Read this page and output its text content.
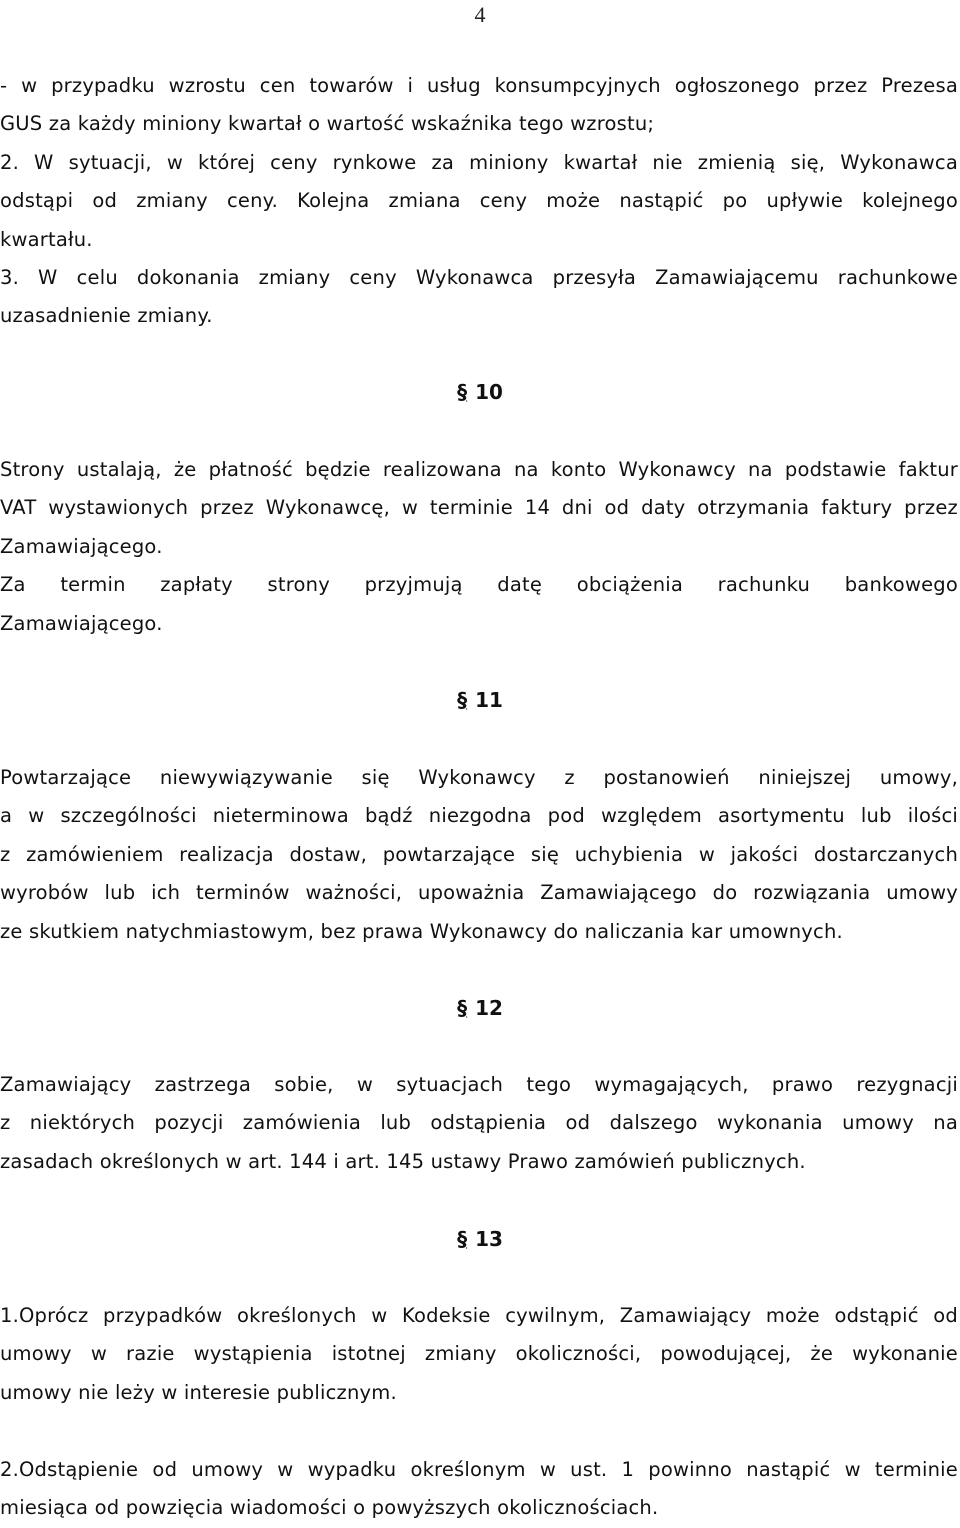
4
- w przypadku wzrostu cen towarów i usług konsumpcyjnych ogłoszonego przez Prezesa
GUS za każdy miniony kwartał o wartość wskaźnika tego wzrostu;
2. W sytuacji, w której ceny rynkowe za miniony kwartał nie zmienią się, Wykonawca
odstąpi od zmiany ceny. Kolejna zmiana ceny może nastąpić po upływie kolejnego
kwartału.
3. W celu dokonania zmiany ceny Wykonawca przesyła Zamawiającemu rachunkowe
uzasadnienie zmiany.
§ 10
Strony ustalają, że płatność będzie realizowana na konto Wykonawcy na podstawie faktur
VAT wystawionych przez Wykonawcę, w terminie 14 dni od daty otrzymania faktury przez
Zamawiającego.
Za termin zapłaty strony przyjmują datę obciążenia rachunku bankowego
Zamawiającego.
§ 11
Powtarzające niewywiązywanie się Wykonawcy z postanowień niniejszej umowy,
a w szczególności nieterminowa bądź niezgodna pod względem asortymentu lub ilości
z zamówieniem realizacja dostaw, powtarzające się uchybienia w jakości dostarczanych
wyrobów lub ich terminów ważności, upoważnia Zamawiającego do rozwiązania umowy
ze skutkiem natychmiastowym, bez prawa Wykonawcy do naliczania kar umownych.
§ 12
Zamawiający zastrzega sobie, w sytuacjach tego wymagających, prawo rezygnacji
z niektórych pozycji zamówienia lub odstąpienia od dalszego wykonania umowy na
zasadach określonych w art. 144 i art. 145 ustawy Prawo zamówień publicznych.
§ 13
1.Oprócz przypadków określonych w Kodeksie cywilnym, Zamawiający może odstąpić od
umowy w razie wystąpienia istotnej zmiany okoliczności, powodującej, że wykonanie
umowy nie leży w interesie publicznym.
2.Odstąpienie od umowy w wypadku określonym w ust. 1 powinno nastąpić w terminie
miesiąca od powzięcia wiadomości o powyższych okolicznościach.
